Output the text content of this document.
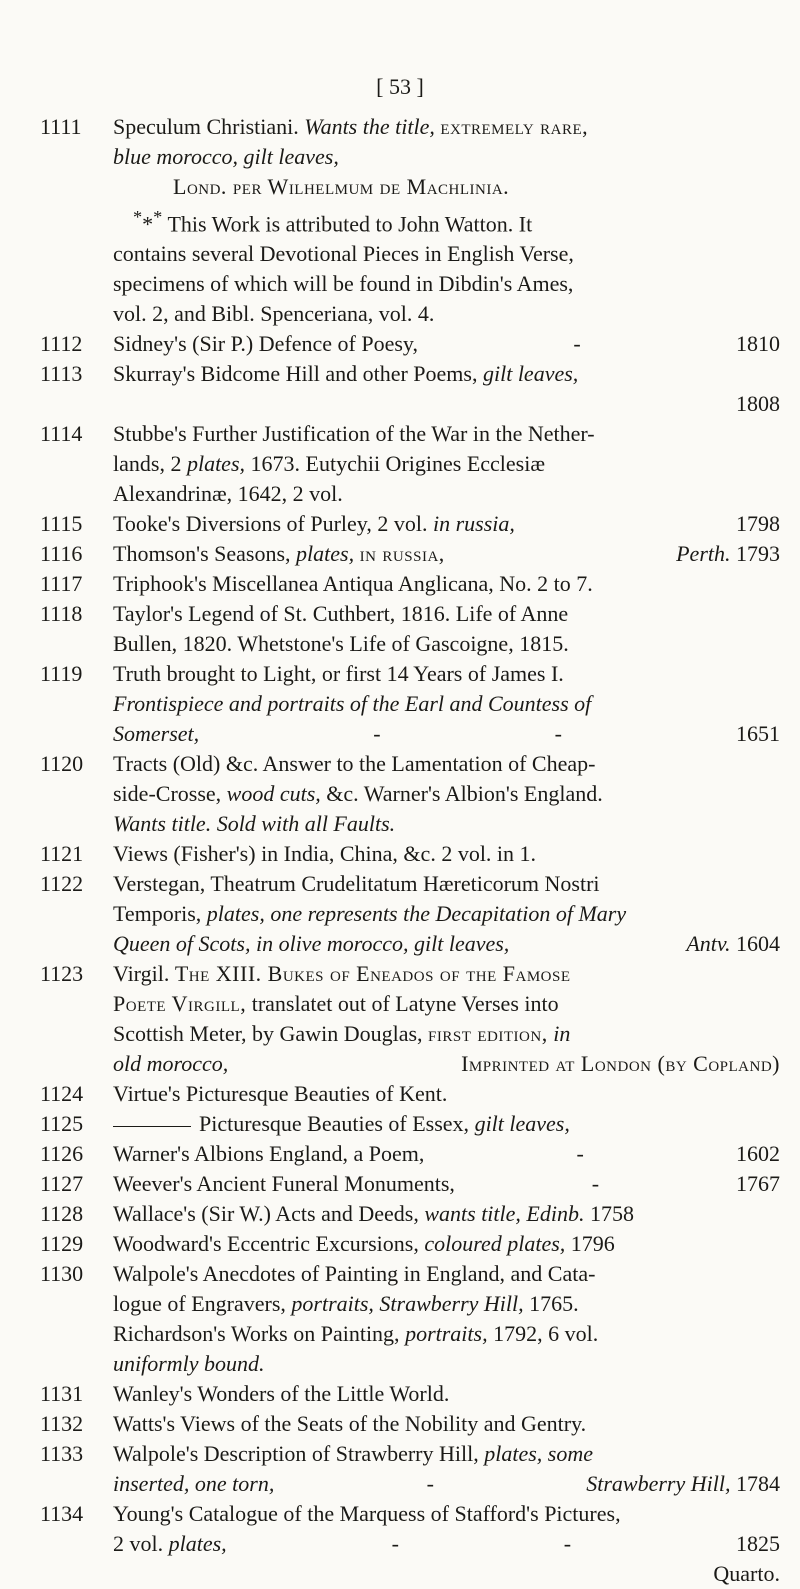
[ 53 ]
1111	Speculum Christiani. Wants the title, extremely rare,
blue morocco, gilt leaves,
Lond. per Wilhelmum de Machlinia.
*** This Work is attributed to John Watton. It
contains several Devotional Pieces in English Verse,
specimens of which will be found in Dibdin's Ames,
vol. 2, and Bibl. Spenceriana, vol. 4.
1112	Sidney's (Sir P.) Defence of Poesy,	-	1810
1113	Skurray's Bidcome Hill and other Poems, gilt leaves,
1808
1114	Stubbe's Further Justification of the War in the Nether-
lands, 2 plates, 1673. Eutychii Origines Ecclesiæ
Alexandrinæ, 1642, 2 vol.
1115	Tooke's Diversions of Purley, 2 vol. in russia,	1798
1116	Thomson's Seasons, plates, in russia,	Perth. 1793
1117	Triphook's Miscellanea Antiqua Anglicana, No. 2 to 7.
1118	Taylor's Legend of St. Cuthbert, 1816. Life of Anne
Bullen, 1820. Whetstone's Life of Gascoigne, 1815.
1119	Truth brought to Light, or first 14 Years of James I.
Frontispiece and portraits of the Earl and Countess of
Somerset,	-	-	1651
1120	Tracts (Old) &c. Answer to the Lamentation of Cheap-
side-Crosse, wood cuts, &c. Warner's Albion's England.
Wants title. Sold with all Faults.
1121	Views (Fisher's) in India, China, &c. 2 vol. in 1.
1122	Verstegan, Theatrum Crudelitatum Hæreticorum Nostri
Temporis, plates, one represents the Decapitation of Mary
Queen of Scots, in olive morocco, gilt leaves,	Antv. 1604
1123	Virgil. The XIII. Bukes of Eneados of the Famose
Poete Virgill, translatet out of Latyne Verses into
Scottish Meter, by Gawin Douglas, first edition, in
old morocco,	Imprinted at London (by Copland)
1124	Virtue's Picturesque Beauties of Kent.
1125	Picturesque Beauties of Essex, gilt leaves,
1126	Warner's Albions England, a Poem,	-	1602
1127	Weever's Ancient Funeral Monuments,	-	1767
1128	Wallace's (Sir W.) Acts and Deeds, wants title, Edinb. 1758
1129	Woodward's Eccentric Excursions, coloured plates, 1796
1130	Walpole's Anecdotes of Painting in England, and Cata-
logue of Engravers, portraits, Strawberry Hill, 1765.
Richardson's Works on Painting, portraits, 1792, 6 vol.
uniformly bound.
1131	Wanley's Wonders of the Little World.
1132	Watts's Views of the Seats of the Nobility and Gentry.
1133	Walpole's Description of Strawberry Hill, plates, some
inserted, one torn,	-	Strawberry Hill, 1784
1134	Young's Catalogue of the Marquess of Stafford's Pictures,
2 vol. plates,	-	-	1825
Quarto.
